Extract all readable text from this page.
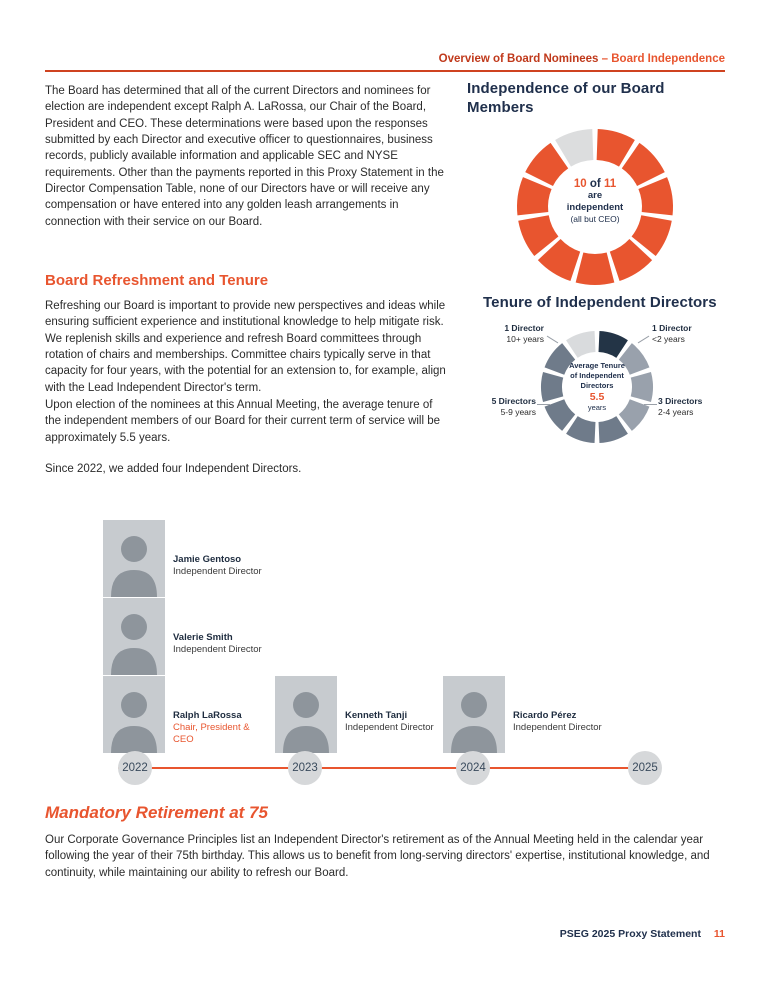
Overview of Board Nominees – Board Independence
The Board has determined that all of the current Directors and nominees for election are independent except Ralph A. LaRossa, our Chair of the Board, President and CEO. These determinations were based upon the responses submitted by each Director and executive officer to questionnaires, business records, publicly available information and applicable SEC and NYSE requirements. Other than the payments reported in this Proxy Statement in the Director Compensation Table, none of our Directors have or will receive any compensation or have entered into any golden leash arrangements in connection with their service on our Board.
Independence of our Board Members
10 of 11
are
independent
(all but CEO)
Board Refreshment and Tenure
Refreshing our Board is important to provide new perspectives and ideas while ensuring sufficient experience and institutional knowledge to help mitigate risk. We replenish skills and experience and refresh Board committees through rotation of chairs and memberships. Committee chairs typically serve in that capacity for four years, with the potential for an extension to, for example, align with the Lead Independent Director's term.
Upon election of the nominees at this Annual Meeting, the average tenure of the independent members of our Board for their current term of service will be approximately 5.5 years.
Since 2022, we added four Independent Directors.
Tenure of Independent Directors
Average Tenure
of Independent
Directors
5.5
years
1 Director
10+ years
1 Director
<2 years
3 Directors
2-4 years
5 Directors
5-9 years
Jamie Gentoso
Independent Director
Valerie Smith
Independent Director
Ralph LaRossa
Chair, President & CEO
Kenneth Tanji
Independent Director
Ricardo Pérez
Independent Director
2022	2023	2024	2025
Mandatory Retirement at 75
Our Corporate Governance Principles list an Independent Director's retirement as of the Annual Meeting held in the calendar year following the year of their 75th birthday. This allows us to benefit from long-serving directors' expertise, institutional knowledge, and continuity, while maintaining our ability to refresh our Board.
PSEG 2025 Proxy Statement 11
